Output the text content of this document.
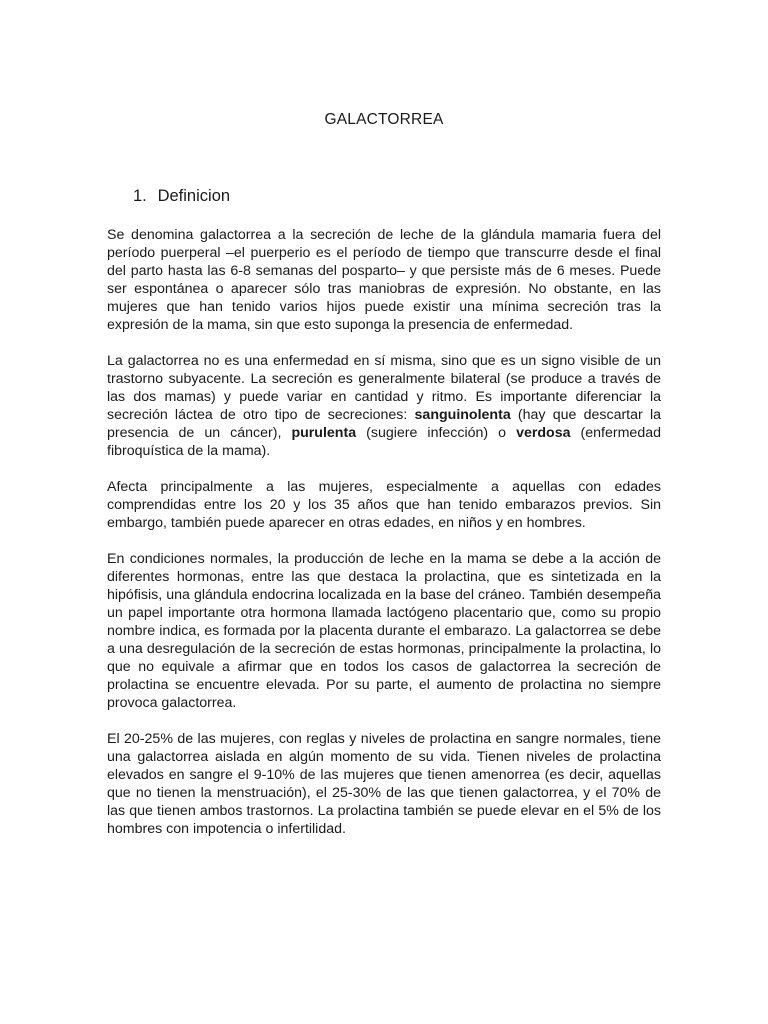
GALACTORREA
1. Definicion

Se denomina galactorrea a la secreción de leche de la glándula mamaria fuera del período puerperal –el puerperio es el período de tiempo que transcurre desde el final del parto hasta las 6-8 semanas del posparto– y que persiste más de 6 meses. Puede ser espontánea o aparecer sólo tras maniobras de expresión. No obstante, en las mujeres que han tenido varios hijos puede existir una mínima secreción tras la expresión de la mama, sin que esto suponga la presencia de enfermedad.

La galactorrea no es una enfermedad en sí misma, sino que es un signo visible de un trastorno subyacente. La secreción es generalmente bilateral (se produce a través de las dos mamas) y puede variar en cantidad y ritmo. Es importante diferenciar la secreción láctea de otro tipo de secreciones: sanguinolenta (hay que descartar la presencia de un cáncer), purulenta (sugiere infección) o verdosa (enfermedad fibroquística de la mama).

Afecta principalmente a las mujeres, especialmente a aquellas con edades comprendidas entre los 20 y los 35 años que han tenido embarazos previos. Sin embargo, también puede aparecer en otras edades, en niños y en hombres.

En condiciones normales, la producción de leche en la mama se debe a la acción de diferentes hormonas, entre las que destaca la prolactina, que es sintetizada en la hipófisis, una glándula endocrina localizada en la base del cráneo. También desempeña un papel importante otra hormona llamada lactógeno placentario que, como su propio nombre indica, es formada por la placenta durante el embarazo. La galactorrea se debe a una desregulación de la secreción de estas hormonas, principalmente la prolactina, lo que no equivale a afirmar que en todos los casos de galactorrea la secreción de prolactina se encuentre elevada. Por su parte, el aumento de prolactina no siempre provoca galactorrea.

El 20-25% de las mujeres, con reglas y niveles de prolactina en sangre normales, tiene una galactorrea aislada en algún momento de su vida. Tienen niveles de prolactina elevados en sangre el 9-10% de las mujeres que tienen amenorrea (es decir, aquellas que no tienen la menstruación), el 25-30% de las que tienen galactorrea, y el 70% de las que tienen ambos trastornos. La prolactina también se puede elevar en el 5% de los hombres con impotencia o infertilidad.
